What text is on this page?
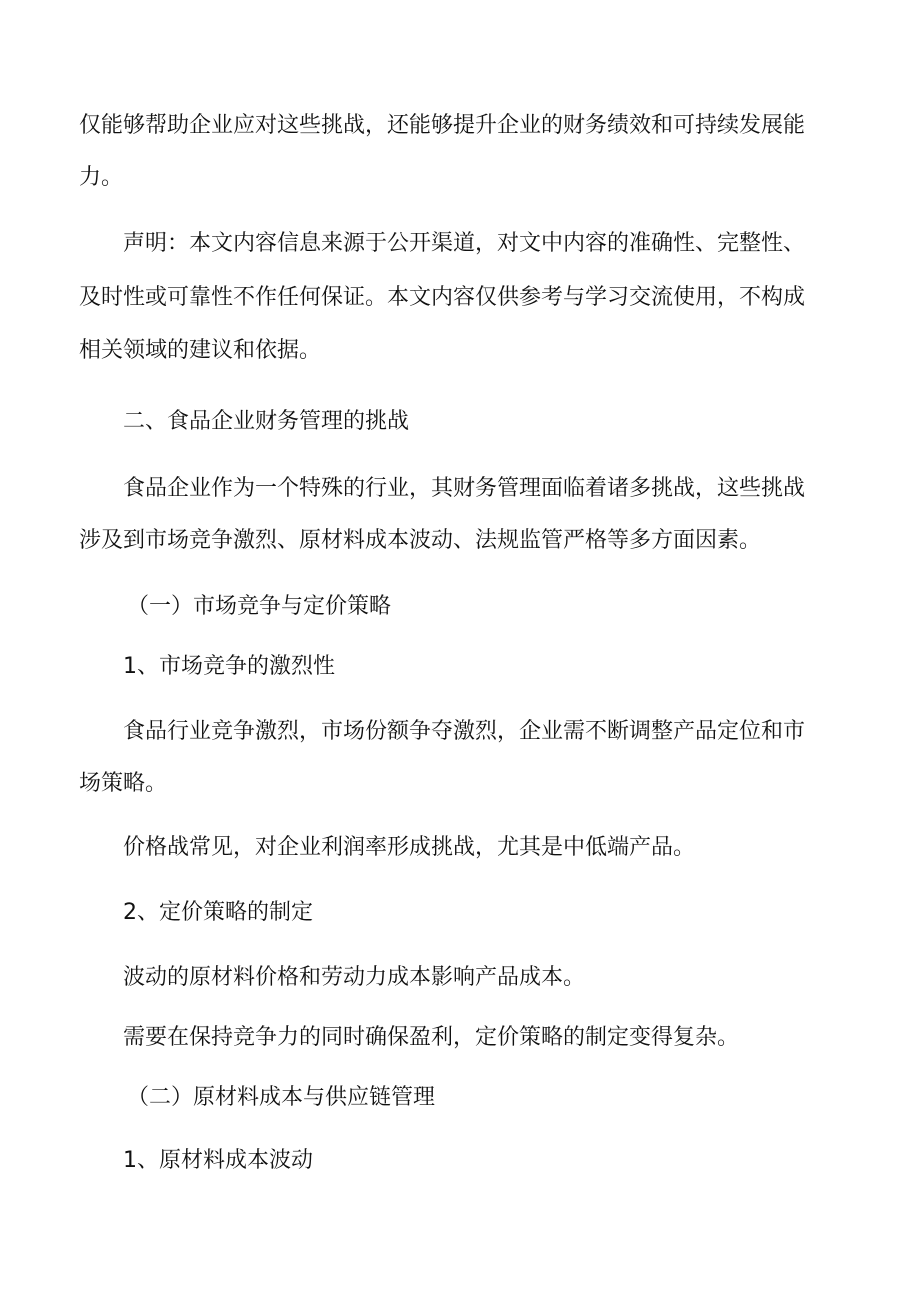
仅能够帮助企业应对这些挑战，还能够提升企业的财务绩效和可持续发展能
力。
声明：本文内容信息来源于公开渠道，对文中内容的准确性、完整性、
及时性或可靠性不作任何保证。本文内容仅供参考与学习交流使用，不构成
相关领域的建议和依据。
二、食品企业财务管理的挑战
食品企业作为一个特殊的行业，其财务管理面临着诸多挑战，这些挑战
涉及到市场竞争激烈、原材料成本波动、法规监管严格等多方面因素。
（一）市场竞争与定价策略
1、市场竞争的激烈性
食品行业竞争激烈，市场份额争夺激烈，企业需不断调整产品定位和市
场策略。
价格战常见，对企业利润率形成挑战，尤其是中低端产品。
2、定价策略的制定
波动的原材料价格和劳动力成本影响产品成本。
需要在保持竞争力的同时确保盈利，定价策略的制定变得复杂。
（二）原材料成本与供应链管理
1、原材料成本波动
